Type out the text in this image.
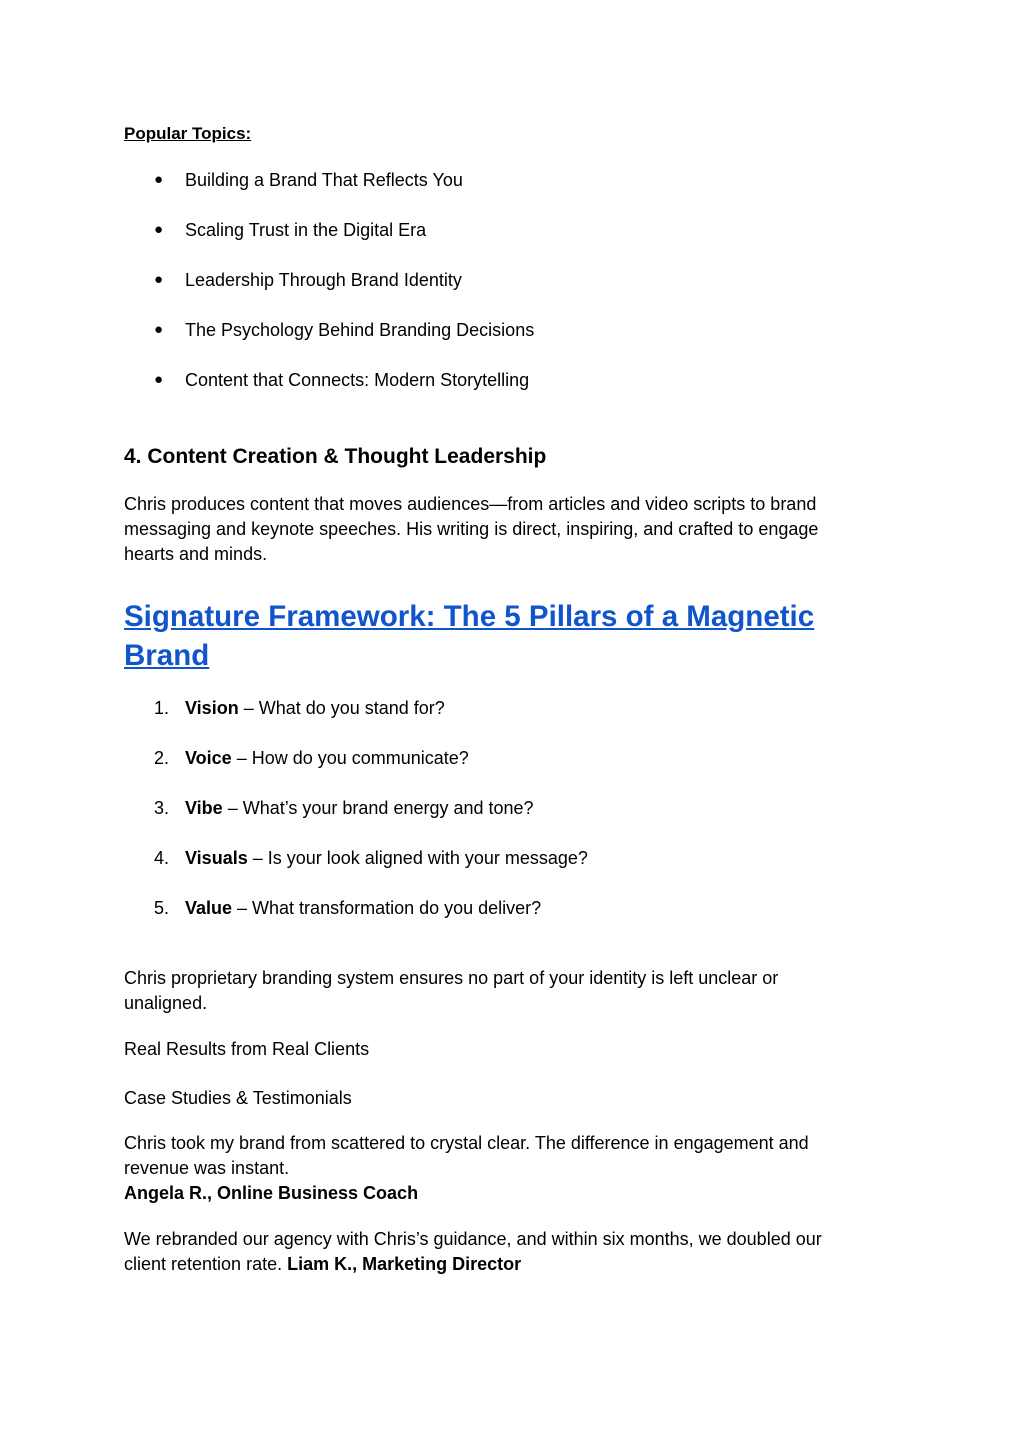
Popular Topics:

● Building a Brand That Reflects You
● Scaling Trust in the Digital Era
● Leadership Through Brand Identity
● The Psychology Behind Branding Decisions
● Content that Connects: Modern Storytelling
4. Content Creation & Thought Leadership

Chris produces content that moves audiences—from articles and video scripts to brand messaging and keynote speeches. His writing is direct, inspiring, and crafted to engage hearts and minds.

Signature Framework: The 5 Pillars of a Magnetic Brand
1. Vision – What do you stand for?
2. Voice – How do you communicate?
3. Vibe – What’s your brand energy and tone?
4. Visuals – Is your look aligned with your message?
5. Value – What transformation do you deliver?

Chris proprietary branding system ensures no part of your identity is left unclear or unaligned.

Real Results from Real Clients

Case Studies & Testimonials

Chris took my brand from scattered to crystal clear. The difference in engagement and revenue was instant.

Angela R., Online Business Coach

We rebranded our agency with Chris’s guidance, and within six months, we doubled our client retention rate. Liam K., Marketing Director
